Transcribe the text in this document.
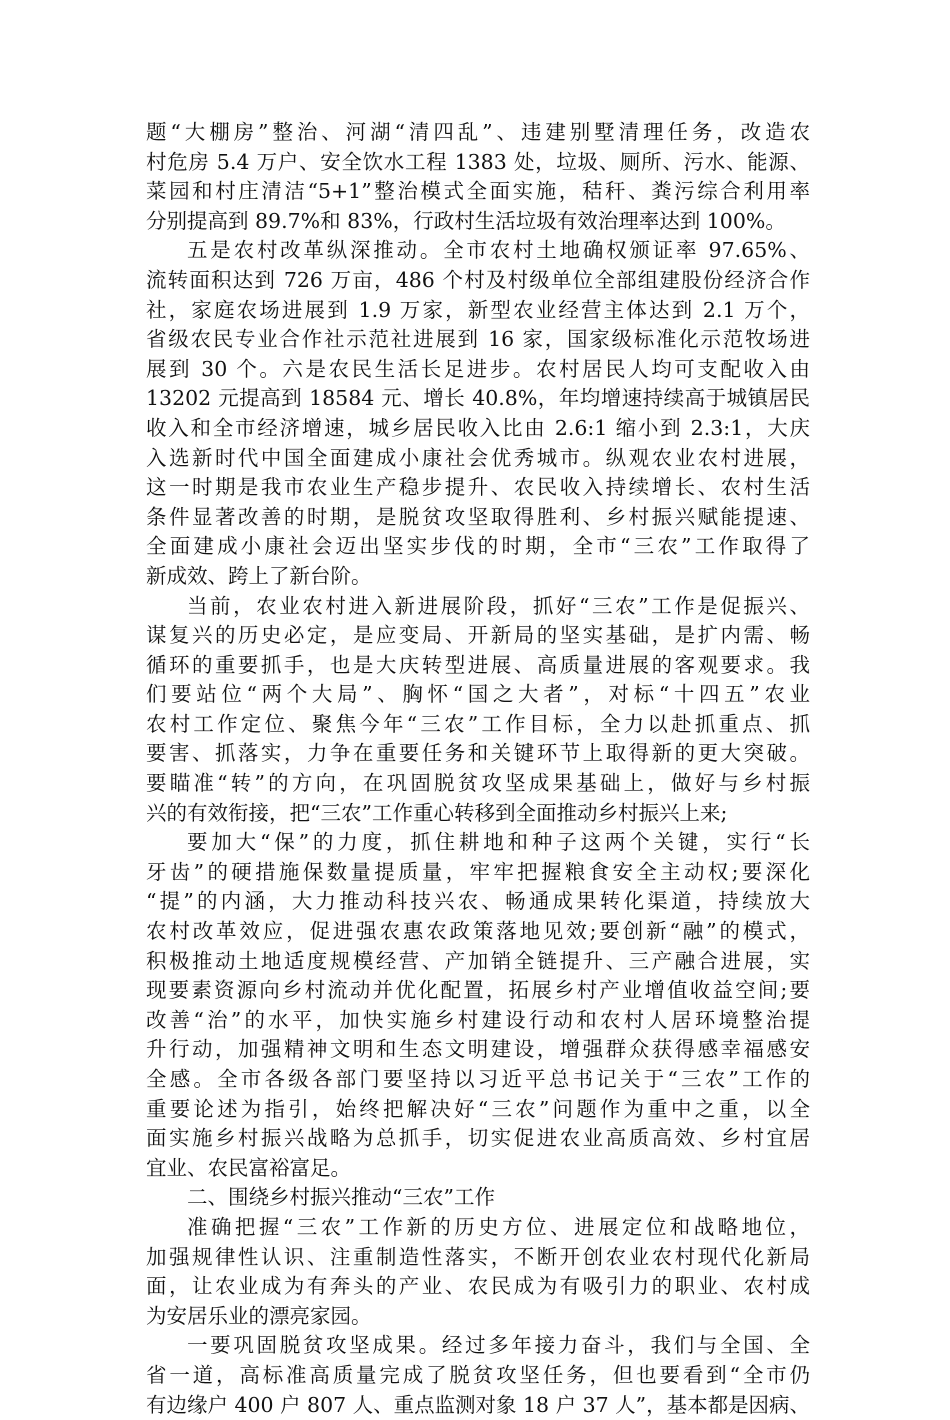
题“大棚房”整治、河湖“清四乱”、违建别墅清理任务，改造农
村危房 5.4 万户、安全饮水工程 1383 处，垃圾、厕所、污水、能源、
菜园和村庄清洁“5+1”整治模式全面实施，秸秆、粪污综合利用率
分别提高到 89.7%和 83%，行政村生活垃圾有效治理率达到 100%。
五是农村改革纵深推动。全市农村土地确权颁证率 97.65%、
流转面积达到 726 万亩，486 个村及村级单位全部组建股份经济合作
社，家庭农场进展到 1.9 万家，新型农业经营主体达到 2.1 万个，
省级农民专业合作社示范社进展到 16 家，国家级标准化示范牧场进
展到 30 个。六是农民生活长足进步。农村居民人均可支配收入由
13202 元提高到 18584 元、增长 40.8%，年均增速持续高于城镇居民
收入和全市经济增速，城乡居民收入比由 2.6:1 缩小到 2.3:1，大庆
入选新时代中国全面建成小康社会优秀城市。纵观农业农村进展，
这一时期是我市农业生产稳步提升、农民收入持续增长、农村生活
条件显著改善的时期，是脱贫攻坚取得胜利、乡村振兴赋能提速、
全面建成小康社会迈出坚实步伐的时期，全市“三农”工作取得了
新成效、跨上了新台阶。
当前，农业农村进入新进展阶段，抓好“三农”工作是促振兴、
谋复兴的历史必定，是应变局、开新局的坚实基础，是扩内需、畅
循环的重要抓手，也是大庆转型进展、高质量进展的客观要求。我
们要站位“两个大局”、胸怀“国之大者”，对标“十四五”农业
农村工作定位、聚焦今年“三农”工作目标，全力以赴抓重点、抓
要害、抓落实，力争在重要任务和关键环节上取得新的更大突破。
要瞄准“转”的方向，在巩固脱贫攻坚成果基础上，做好与乡村振
兴的有效衔接，把“三农”工作重心转移到全面推动乡村振兴上来;
要加大“保”的力度，抓住耕地和种子这两个关键，实行“长
牙齿”的硬措施保数量提质量，牢牢把握粮食安全主动权;要深化
“提”的内涵，大力推动科技兴农、畅通成果转化渠道，持续放大
农村改革效应，促进强农惠农政策落地见效;要创新“融”的模式，
积极推动土地适度规模经营、产加销全链提升、三产融合进展，实
现要素资源向乡村流动并优化配置，拓展乡村产业增值收益空间;要
改善“治”的水平，加快实施乡村建设行动和农村人居环境整治提
升行动，加强精神文明和生态文明建设，增强群众获得感幸福感安
全感。全市各级各部门要坚持以习近平总书记关于“三农”工作的
重要论述为指引，始终把解决好“三农”问题作为重中之重，以全
面实施乡村振兴战略为总抓手，切实促进农业高质高效、乡村宜居
宜业、农民富裕富足。
二、围绕乡村振兴推动“三农”工作
准确把握“三农”工作新的历史方位、进展定位和战略地位，
加强规律性认识、注重制造性落实，不断开创农业农村现代化新局
面，让农业成为有奔头的产业、农民成为有吸引力的职业、农村成
为安居乐业的漂亮家园。
一要巩固脱贫攻坚成果。经过多年接力奋斗，我们与全国、全
省一道，高标准高质量完成了脱贫攻坚任务，但也要看到“全市仍
有边缘户 400 户 807 人、重点监测对象 18 户 37 人”，基本都是因病、
